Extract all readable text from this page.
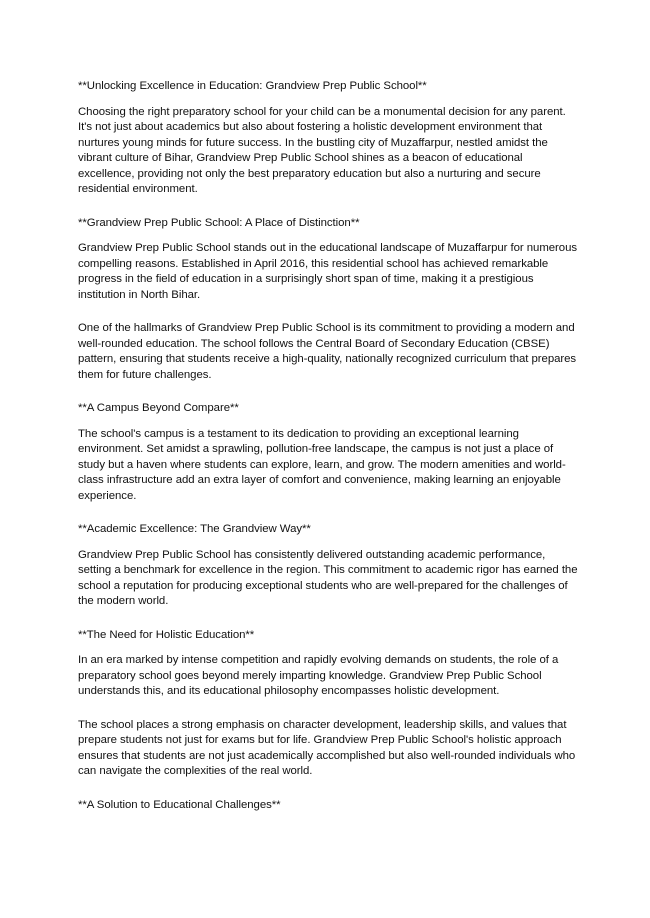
**Unlocking Excellence in Education: Grandview Prep Public School**
Choosing the right preparatory school for your child can be a monumental decision for any parent. It's not just about academics but also about fostering a holistic development environment that nurtures young minds for future success. In the bustling city of Muzaffarpur, nestled amidst the vibrant culture of Bihar, Grandview Prep Public School shines as a beacon of educational excellence, providing not only the best preparatory education but also a nurturing and secure residential environment.
**Grandview Prep Public School: A Place of Distinction**
Grandview Prep Public School stands out in the educational landscape of Muzaffarpur for numerous compelling reasons. Established in April 2016, this residential school has achieved remarkable progress in the field of education in a surprisingly short span of time, making it a prestigious institution in North Bihar.
One of the hallmarks of Grandview Prep Public School is its commitment to providing a modern and well-rounded education. The school follows the Central Board of Secondary Education (CBSE) pattern, ensuring that students receive a high-quality, nationally recognized curriculum that prepares them for future challenges.
**A Campus Beyond Compare**
The school's campus is a testament to its dedication to providing an exceptional learning environment. Set amidst a sprawling, pollution-free landscape, the campus is not just a place of study but a haven where students can explore, learn, and grow. The modern amenities and world-class infrastructure add an extra layer of comfort and convenience, making learning an enjoyable experience.
**Academic Excellence: The Grandview Way**
Grandview Prep Public School has consistently delivered outstanding academic performance, setting a benchmark for excellence in the region. This commitment to academic rigor has earned the school a reputation for producing exceptional students who are well-prepared for the challenges of the modern world.
**The Need for Holistic Education**
In an era marked by intense competition and rapidly evolving demands on students, the role of a preparatory school goes beyond merely imparting knowledge. Grandview Prep Public School understands this, and its educational philosophy encompasses holistic development.
The school places a strong emphasis on character development, leadership skills, and values that prepare students not just for exams but for life. Grandview Prep Public School's holistic approach ensures that students are not just academically accomplished but also well-rounded individuals who can navigate the complexities of the real world.
**A Solution to Educational Challenges**
